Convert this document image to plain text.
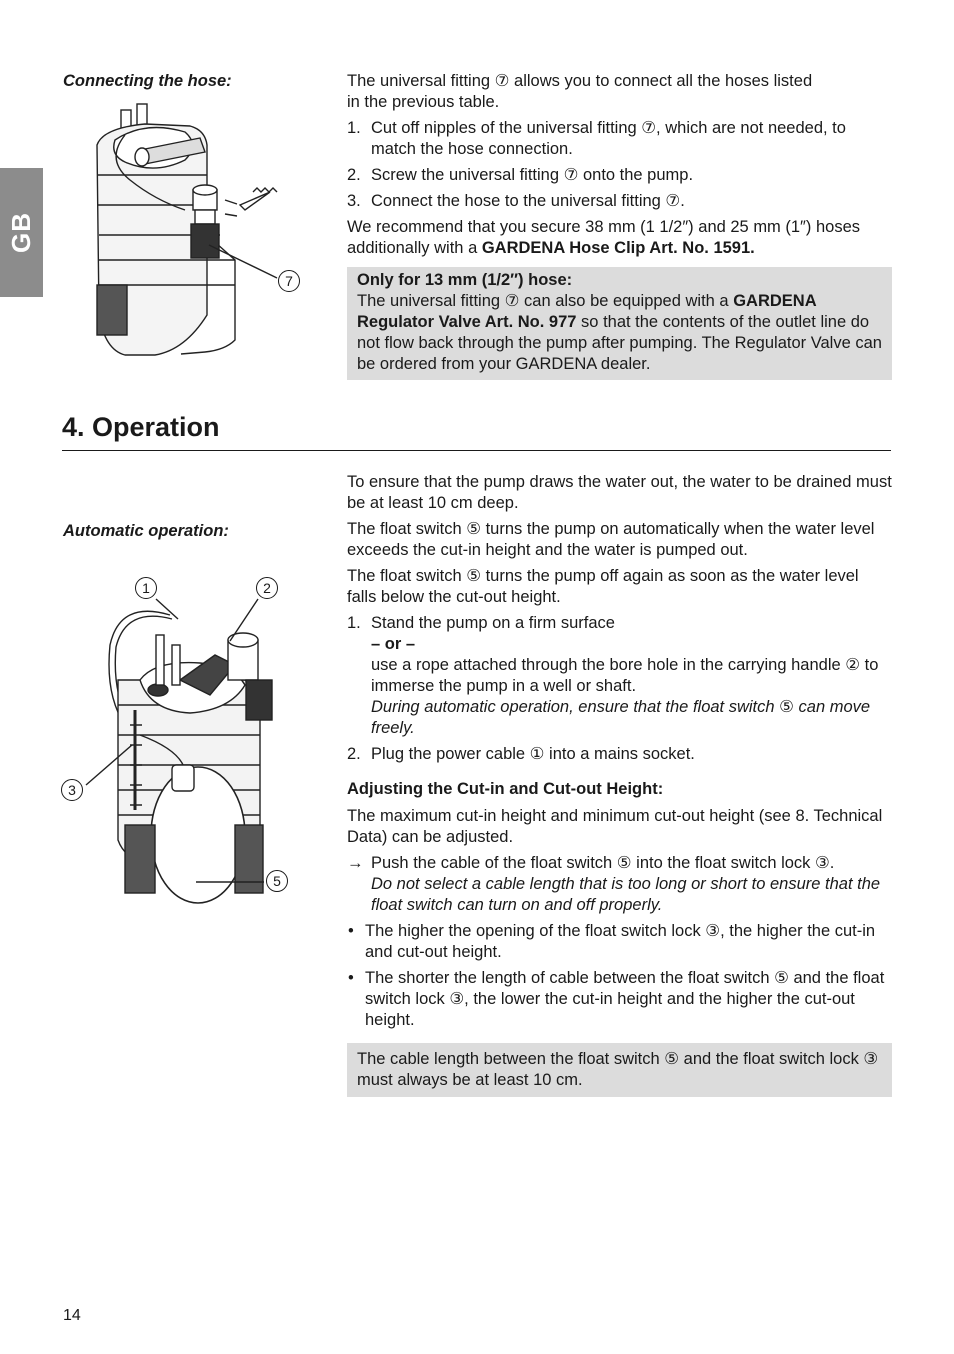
GB
Connecting the hose:
7

The universal fitting ⑦ allows you to connect all the hoses listed

in the previous table.

1. Cut off nipples of the universal fitting ⑦, which are not needed, to match the hose connection.
2. Screw the universal fitting ⑦ onto the pump.
3. Connect the hose to the universal fitting ⑦.

We recommend that you secure 38 mm (1 1/2″) and 25 mm (1″) hoses additionally with a GARDENA Hose Clip Art. No. 1591.

Only for 13 mm (1/2″) hose:
The universal fitting ⑦ can also be equipped with a GARDENA Regulator Valve Art. No. 977 so that the contents of the outlet line do not flow back through the pump after pumping. The Regulator Valve can be ordered from your GARDENA dealer.
4. Operation
Automatic operation:
1	2
3
5

To ensure that the pump draws the water out, the water to be drained must be at least 10 cm deep.

The float switch ⑤ turns the pump on automatically when the water level exceeds the cut-in height and the water is pumped out.

The float switch ⑤ turns the pump off again as soon as the water level falls below the cut-out height.

1. Stand the pump on a firm surface
– or –
use a rope attached through the bore hole in the carrying handle ② to immerse the pump in a well or shaft.
During automatic operation, ensure that the float switch ⑤ can move freely.
2. Plug the power cable ① into a mains socket.

Adjusting the Cut-in and Cut-out Height:

The maximum cut-in height and minimum cut-out height (see 8. Technical Data) can be adjusted.

→ Push the cable of the float switch ⑤ into the float switch lock ③.
Do not select a cable length that is too long or short to ensure that the float switch can turn on and off properly.
• The higher the opening of the float switch lock ③, the higher the cut-in and cut-out height.
• The shorter the length of cable between the float switch ⑤ and the float switch lock ③, the lower the cut-in height and the higher the cut-out height.
The cable length between the float switch ⑤ and the float switch lock ③ must always be at least 10 cm.
14
